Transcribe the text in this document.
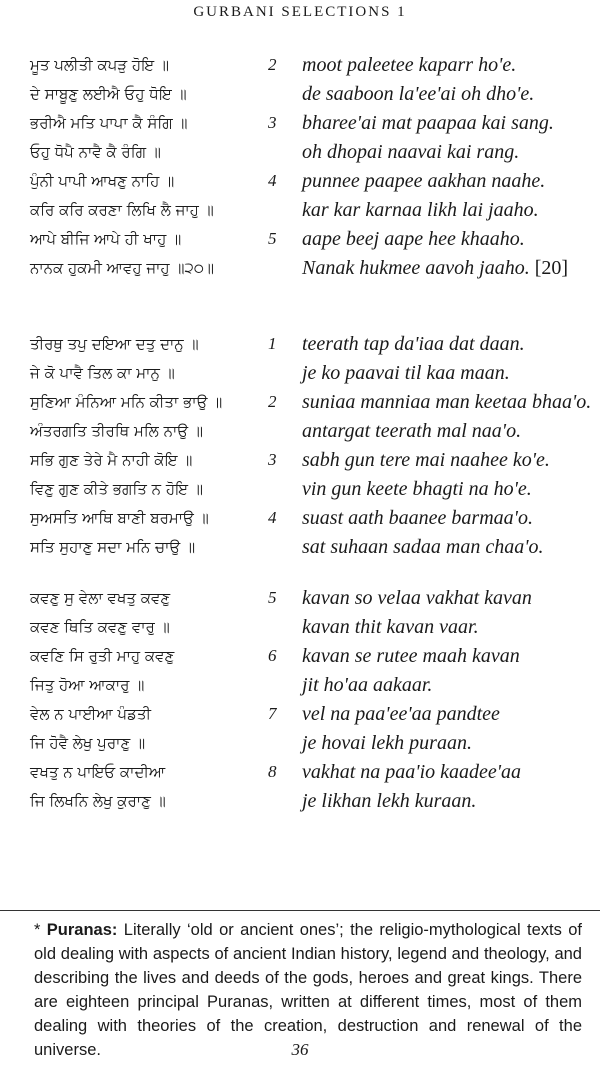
GURBANI SELECTIONS 1
ਮੂਤ ਪਲੀਤੀ ਕਪੜੁ ਹੋਇ ॥	2 moot paleetee kaparr ho'e.
ਦੇ ਸਾਬੂਣੁ ਲਈਐ ਓਹੁ ਧੋਇ ॥	de saaboon la'ee'ai oh dho'e.
ਭਰੀਐ ਮਤਿ ਪਾਪਾ ਕੈ ਸੰਗਿ ॥	3 bharee'ai mat paapaa kai sang.
ਓਹੁ ਧੋਪੈ ਨਾਵੈ ਕੈ ਰੰਗਿ ॥	oh dhopai naavai kai rang.
ਪੁੰਨੀ ਪਾਪੀ ਆਖਣੁ ਨਾਹਿ ॥	4 punnee paapee aakhan naahe.
ਕਰਿ ਕਰਿ ਕਰਣਾ ਲਿਖਿ ਲੈ ਜਾਹੁ ॥	kar kar karnaa likh lai jaaho.
ਆਪੇ ਬੀਜਿ ਆਪੇ ਹੀ ਖਾਹੁ ॥	5 aape beej aape hee khaaho.
ਨਾਨਕ ਹੁਕਮੀ ਆਵਹੁ ਜਾਹੁ ॥੨੦॥	Nanak hukmee aavoh jaaho. [20]
ਤੀਰਥੁ ਤਪੁ ਦਇਆ ਦਤੁ ਦਾਨੁ ॥	1 teerath tap da'iaa dat daan.
ਜੇ ਕੋ ਪਾਵੈ ਤਿਲ ਕਾ ਮਾਨੁ ॥	je ko paavai til kaa maan.
ਸੁਣਿਆ ਮੰਨਿਆ ਮਨਿ ਕੀਤਾ ਭਾਉ ॥	2 suniaa manniaa man keetaa bhaa'o.
ਅੰਤਰਗਤਿ ਤੀਰਥਿ ਮਲਿ ਨਾਉ ॥	antargat teerath mal naa'o.
ਸਭਿ ਗੁਣ ਤੇਰੇ ਮੈ ਨਾਹੀ ਕੋਇ ॥	3 sabh gun tere mai naahee ko'e.
ਵਿਣੁ ਗੁਣ ਕੀਤੇ ਭਗਤਿ ਨ ਹੋਇ ॥	vin gun keete bhagti na ho'e.
ਸੁਅਸਤਿ ਆਥਿ ਬਾਣੀ ਬਰਮਾਉ ॥	4 suast aath baanee barmaa'o.
ਸਤਿ ਸੁਹਾਣੁ ਸਦਾ ਮਨਿ ਚਾਉ ॥	sat suhaan sadaa man chaa'o.
ਕਵਣੁ ਸੁ ਵੇਲਾ ਵਖਤੁ ਕਵਣੁ	5 kavan so velaa vakhat kavan
ਕਵਣ ਥਿਤਿ ਕਵਣੁ ਵਾਰੁ ॥	kavan thit kavan vaar.
ਕਵਣਿ ਸਿ ਰੁਤੀ ਮਾਹੁ ਕਵਣੁ	6 kavan se rutee maah kavan
ਜਿਤੁ ਹੋਆ ਆਕਾਰੁ ॥	jit ho'aa aakaar.
ਵੇਲ ਨ ਪਾਈਆ ਪੰਡਤੀ	7 vel na paa'ee'aa pandtee
ਜਿ ਹੋਵੈ ਲੇਖੁ ਪੁਰਾਣੁ ॥	je hovai lekh puraan.
ਵਖਤੁ ਨ ਪਾਇਓ ਕਾਦੀਆ	8 vakhat na paa'io kaadee'aa
ਜਿ ਲਿਖਨਿ ਲੇਖੁ ਕੁਰਾਣੁ ॥	je likhan lekh kuraan.
* Puranas: Literally ‘old or ancient ones’; the religio-mythological texts of old dealing with aspects of ancient Indian history, legend and theology, and describing the lives and deeds of the gods, heroes and great kings. There are eighteen principal Puranas, written at different times, most of them dealing with theories of the creation, destruction and renewal of the universe.	36
